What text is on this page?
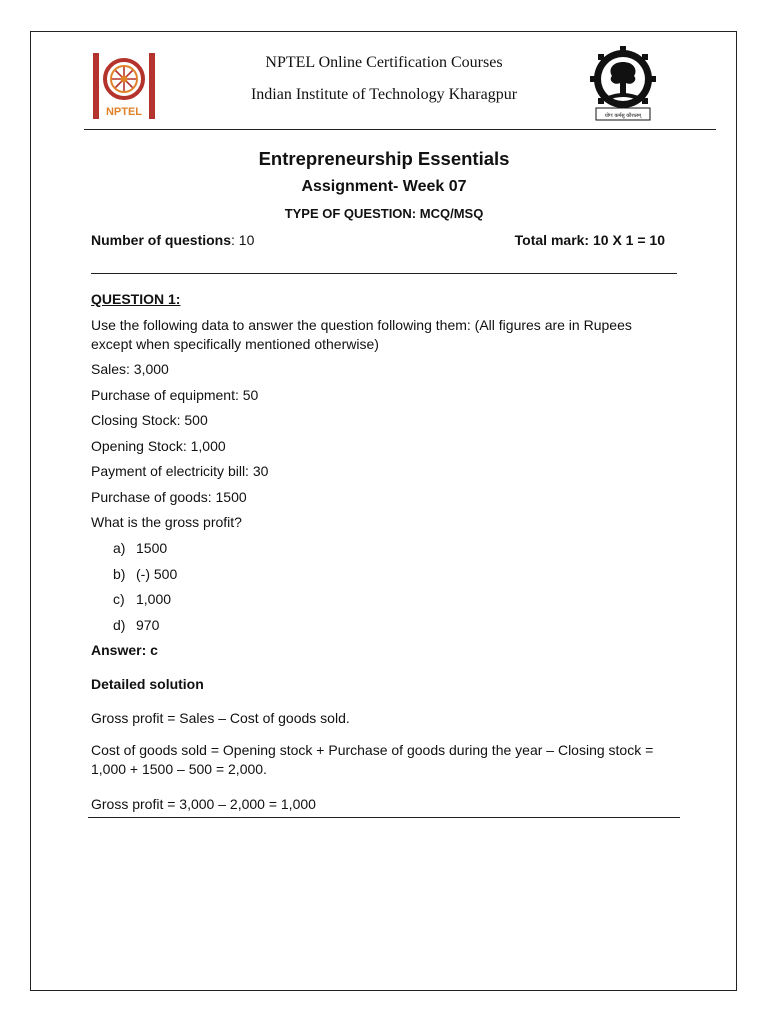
NPTEL	योगः कर्मसु कौशलम्
NPTEL Online Certification Courses
Indian Institute of Technology Kharagpur
Entrepreneurship Essentials
Assignment- Week 07
TYPE OF QUESTION: MCQ/MSQ
Number of questions: 10	Total mark: 10 X 1 = 10
QUESTION 1:
Use the following data to answer the question following them: (All figures are in Rupees except when specifically mentioned otherwise)
Sales: 3,000
Purchase of equipment: 50
Closing Stock: 500
Opening Stock: 1,000
Payment of electricity bill: 30
Purchase of goods: 1500
What is the gross profit?
a) 1500
b) (-) 500
c) 1,000
d) 970
Answer: c
Detailed solution
Gross profit = Sales – Cost of goods sold.
Cost of goods sold = Opening stock + Purchase of goods during the year – Closing stock = 1,000 + 1500 – 500 = 2,000.
Gross profit = 3,000 – 2,000 = 1,000
